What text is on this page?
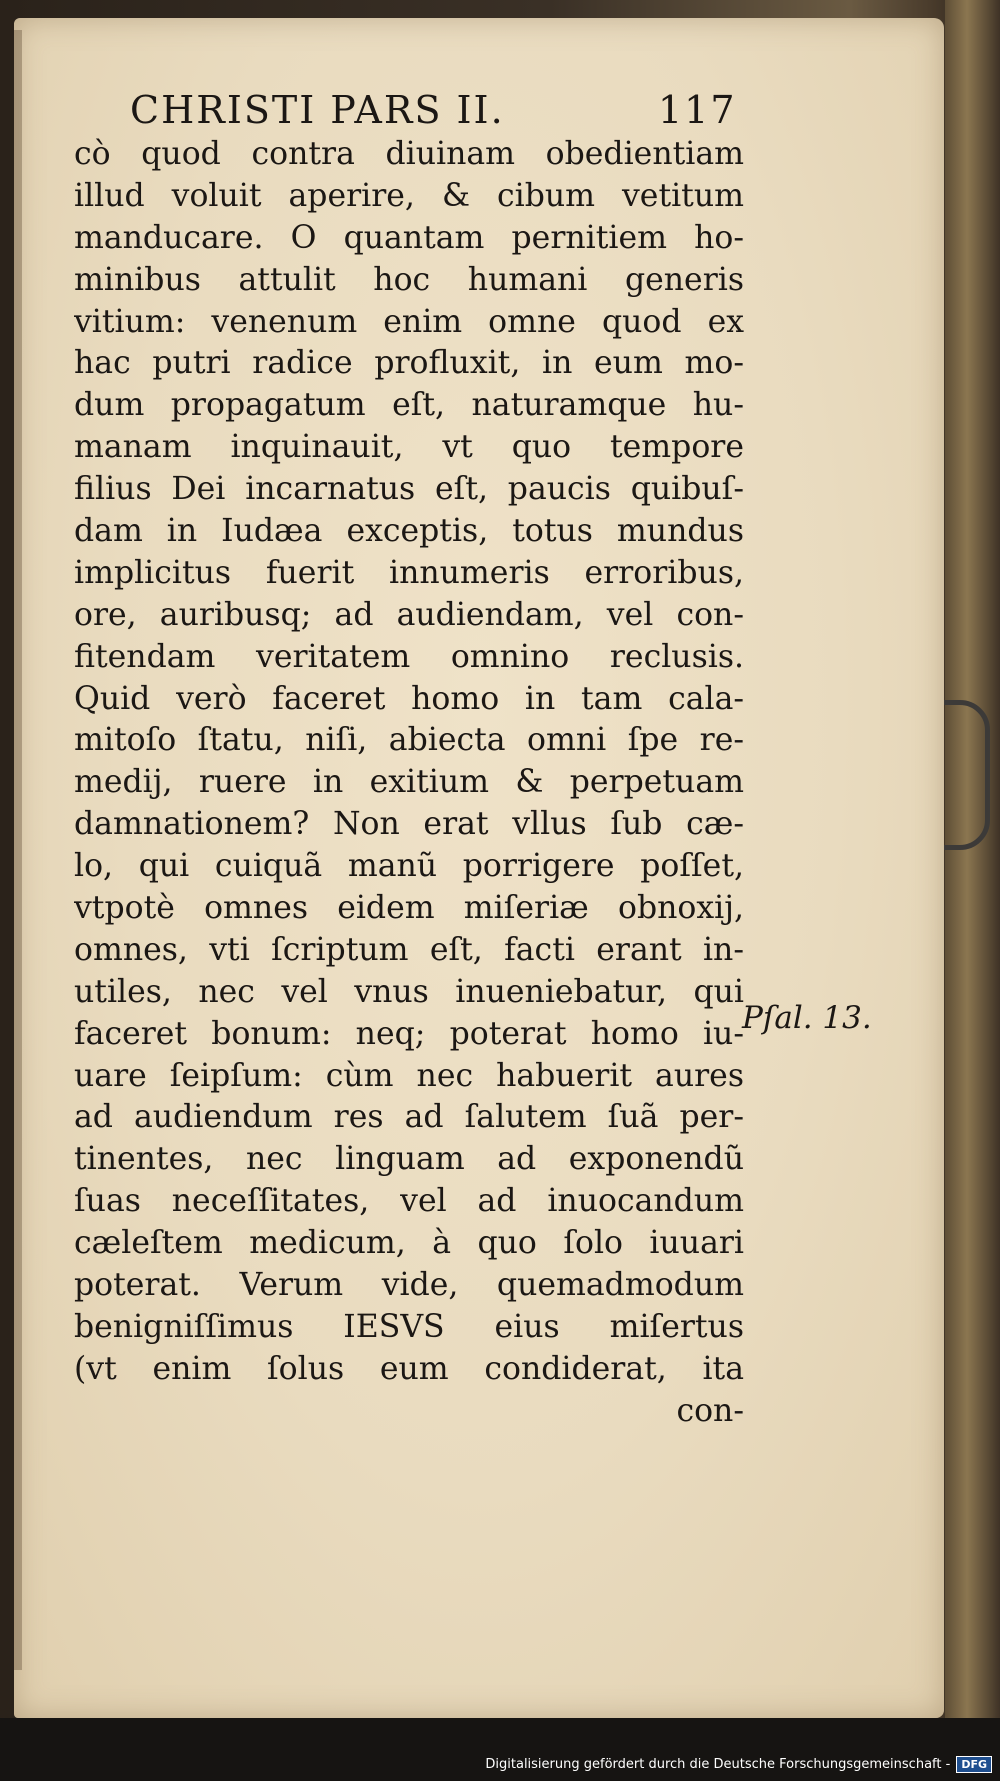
CHRISTI PARS II.	117
cò quod contra diuinam obedientiam
illud voluit aperire, & cibum vetitum
manducare. O quantam pernitiem ho-
minibus attulit hoc humani generis
vitium: venenum enim omne quod ex
hac putri radice profluxit, in eum mo-
dum propagatum eſt, naturamque hu-
manam inquinauit, vt quo tempore
filius Dei incarnatus eſt, paucis quibuſ-
dam in Iudæa exceptis, totus mundus
implicitus fuerit innumeris erroribus,
ore, auribusq; ad audiendam, vel con-
fitendam veritatem omnino reclusis.
Quid verò faceret homo in tam cala-
mitoſo ſtatu, niſi, abiecta omni ſpe re-
medij, ruere in exitium & perpetuam
damnationem? Non erat vllus ſub cæ-
lo, qui cuiquã manũ porrigere poſſet,
vtpotè omnes eidem miſeriæ obnoxij,
omnes, vti ſcriptum eſt, facti erant in-
utiles, nec vel vnus inueniebatur, qui
faceret bonum: neq; poterat homo iu-
uare ſeipſum: cùm nec habuerit aures
ad audiendum res ad ſalutem ſuã per-
tinentes, nec linguam ad exponendũ
ſuas neceſſitates, vel ad inuocandum
cæleſtem medicum, à quo ſolo iuuari
poterat. Verum vide, quemadmodum
benigniſſimus IESVS eius miſertus
(vt enim ſolus eum condiderat, ita
con-
Pſal. 13.
Digitalisierung gefördert durch die Deutsche Forschungsgemeinschaft -	DFG
